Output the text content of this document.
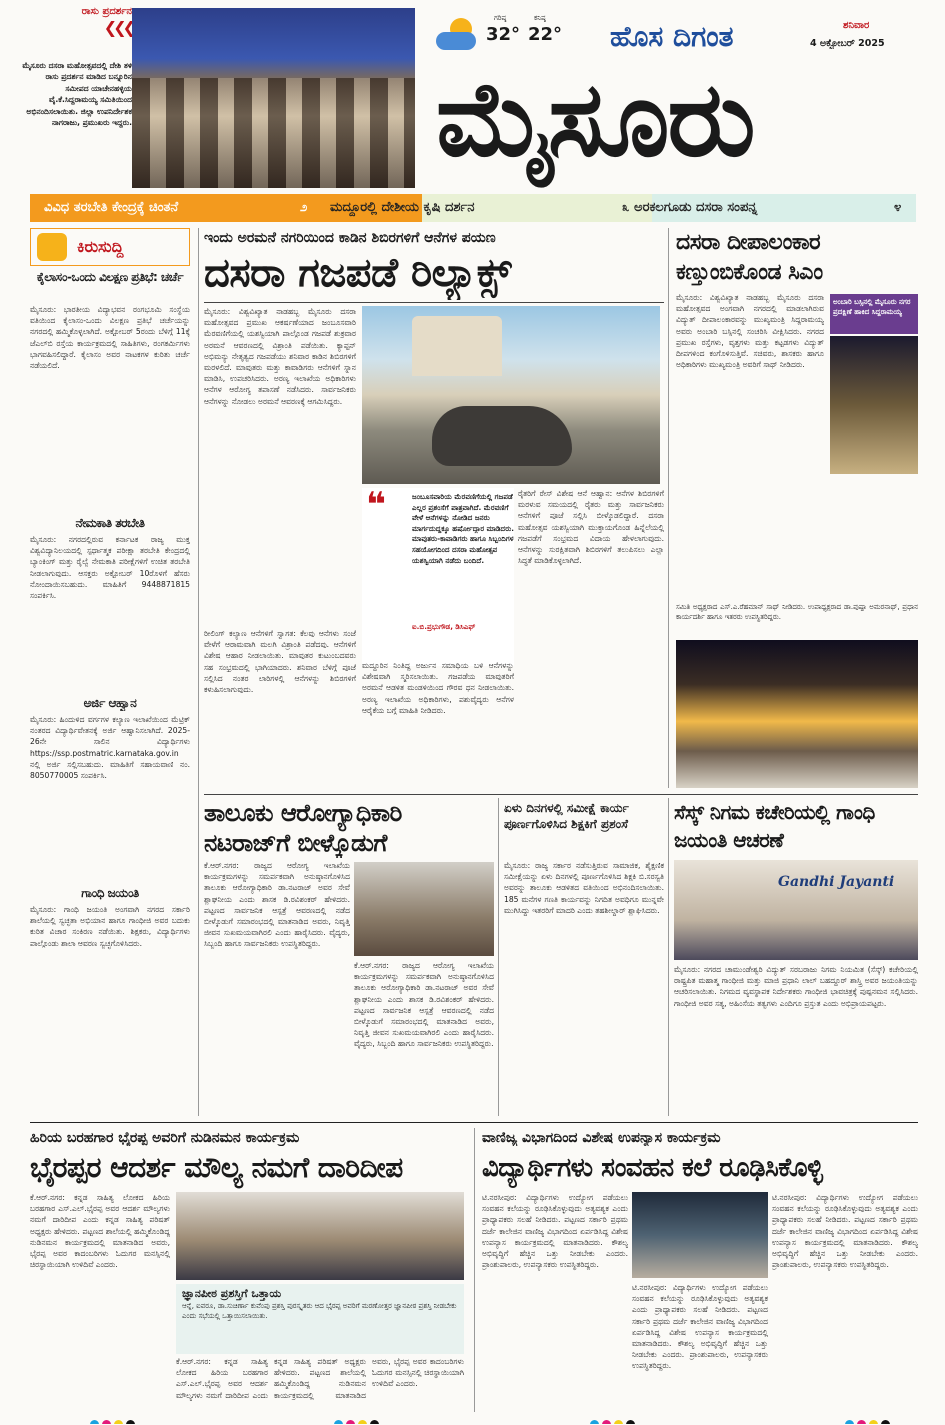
ರಾಸು ಪ್ರದರ್ಶನ
❮❮❮
ಮೈಸೂರು ದಸರಾ ಮಹೋತ್ಸವದಲ್ಲಿ ದೇಶಿ ತಳಿ ರಾಸು ಪ್ರದರ್ಶನ ಮಾಡಿದ ಬನ್ನೂರಿನ ಸಮೀಪದ ಯಾಚೇನಹಳ್ಳಿಯ ವೈ.ಕೆ.ಸಿದ್ದರಾಮಯ್ಯ ಸಮಿತಿಯಿಂದ ಅಭಿನಂದಿಸಲಾಯಿತು. ಜಿಲ್ಲಾ ಉಪನಿರ್ದೇಶಕ ನಾಗರಾಜು, ಪ್ರಮುಖರು ಇದ್ದರು.
ಗರಿಷ್ಠ
32°
ಕನಿಷ್ಠ
22° ಹೊಸ ದಿಗಂತ	ಶನಿವಾರ
4 ಅಕ್ಟೋಬರ್ 2025
ಮೈಸೂರು
ವಿವಿಧ ತರಬೇತಿ ಕೇಂದ್ರಕ್ಕೆ ಚಿಂತನೆ	೨ ಮದ್ದೂರಲ್ಲಿ ದೇಶೀಯ ಕೃಷಿ ದರ್ಶನ	೩ ಅರಕಲಗೂಡು ದಸರಾ ಸಂಪನ್ನ	೪
ಕಿರುಸುದ್ದಿ
ಕೈಲಾಸಂ-ಒಂದು ವಿಲಕ್ಷಣ ಪ್ರತಿಭೆ: ಚರ್ಚೆ
ಮೈಸೂರು: ಭಾರತೀಯ ವಿದ್ಯಾಭವನ ರಂಗಭೂಮಿ ಸಂಸ್ಥೆಯ ವತಿಯಿಂದ ಕೈಲಾಸಂ-ಒಂದು ವಿಲಕ್ಷಣ ಪ್ರತಿಭೆ ಚರ್ಚೆಯನ್ನು ನಗರದಲ್ಲಿ ಹಮ್ಮಿಕೊಳ್ಳಲಾಗಿದೆ. ಅಕ್ಟೋಬರ್ 5ರಂದು ಬೆಳಿಗ್ಗೆ 11ಕ್ಕೆ ಜೆಎಲ್‌ಬಿ ರಸ್ತೆಯ ಕಾರ್ಯಕ್ರಮದಲ್ಲಿ ಸಾಹಿತಿಗಳು, ರಂಗಕರ್ಮಿಗಳು ಭಾಗವಹಿಸಲಿದ್ದಾರೆ. ಕೈಲಾಸಂ ಅವರ ನಾಟಕಗಳ ಕುರಿತು ಚರ್ಚೆ ನಡೆಯಲಿದೆ.
ನೇಮಕಾತಿ ತರಬೇತಿ
ಮೈಸೂರು: ನಗರದಲ್ಲಿರುವ ಕರ್ನಾಟಕ ರಾಜ್ಯ ಮುಕ್ತ ವಿಶ್ವವಿದ್ಯಾನಿಲಯದಲ್ಲಿ ಸ್ಪರ್ಧಾತ್ಮಕ ಪರೀಕ್ಷಾ ತರಬೇತಿ ಕೇಂದ್ರದಲ್ಲಿ ಬ್ಯಾಂಕಿಂಗ್ ಮತ್ತು ರೈಲ್ವೆ ನೇಮಕಾತಿ ಪರೀಕ್ಷೆಗಳಿಗೆ ಉಚಿತ ತರಬೇತಿ ನೀಡಲಾಗುವುದು. ಆಸಕ್ತರು ಅಕ್ಟೋಬರ್ 10ರೊಳಗೆ ಹೆಸರು ನೋಂದಾಯಿಸಬಹುದು. ಮಾಹಿತಿಗೆ 9448871815 ಸಂಪರ್ಕಿಸಿ.
ಅರ್ಜಿ ಆಹ್ವಾನ
ಮೈಸೂರು: ಹಿಂದುಳಿದ ವರ್ಗಗಳ ಕಲ್ಯಾಣ ಇಲಾಖೆಯಿಂದ ಮೆಟ್ರಿಕ್ ನಂತರದ ವಿದ್ಯಾರ್ಥಿವೇತನಕ್ಕೆ ಅರ್ಜಿ ಆಹ್ವಾನಿಸಲಾಗಿದೆ. 2025-26ನೇ ಸಾಲಿನ ವಿದ್ಯಾರ್ಥಿಗಳು https://ssp.postmatric.karnataka.gov.in ನಲ್ಲಿ ಅರ್ಜಿ ಸಲ್ಲಿಸಬಹುದು. ಮಾಹಿತಿಗೆ ಸಹಾಯವಾಣಿ ನಂ. 8050770005 ಸಂಪರ್ಕಿಸಿ.
ಗಾಂಧಿ ಜಯಂತಿ
ಮೈಸೂರು: ಗಾಂಧಿ ಜಯಂತಿ ಅಂಗವಾಗಿ ನಗರದ ಸರ್ಕಾರಿ ಶಾಲೆಯಲ್ಲಿ ಸ್ವಚ್ಛತಾ ಅಭಿಯಾನ ಹಾಗೂ ಗಾಂಧೀಜಿ ಅವರ ಬದುಕು ಕುರಿತ ವಿಚಾರ ಸಂಕಿರಣ ನಡೆಯಿತು. ಶಿಕ್ಷಕರು, ವಿದ್ಯಾರ್ಥಿಗಳು ಪಾಲ್ಗೊಂಡು ಶಾಲಾ ಆವರಣ ಸ್ವಚ್ಛಗೊಳಿಸಿದರು.
ಇಂದು ಅರಮನೆ ನಗರಿಯಿಂದ ಕಾಡಿನ ಶಿಬಿರಗಳಿಗೆ ಆನೆಗಳ ಪಯಣ
ದಸರಾ ಗಜಪಡೆ ರಿಲ್ಯಾಕ್ಸ್
ಮೈಸೂರು: ವಿಶ್ವವಿಖ್ಯಾತ ನಾಡಹಬ್ಬ ಮೈಸೂರು ದಸರಾ ಮಹೋತ್ಸವದ ಪ್ರಮುಖ ಆಕರ್ಷಣೆಯಾದ ಜಂಬೂಸವಾರಿ ಮೆರವಣಿಗೆಯಲ್ಲಿ ಯಶಸ್ವಿಯಾಗಿ ಪಾಲ್ಗೊಂಡ ಗಜಪಡೆ ಶುಕ್ರವಾರ ಅರಮನೆ ಆವರಣದಲ್ಲಿ ವಿಶ್ರಾಂತಿ ಪಡೆಯಿತು. ಕ್ಯಾಪ್ಟನ್ ಅಭಿಮನ್ಯು ನೇತೃತ್ವದ ಗಜಪಡೆಯು ಶನಿವಾರ ಕಾಡಿನ ಶಿಬಿರಗಳಿಗೆ ಮರಳಲಿದೆ. ಮಾವುತರು ಮತ್ತು ಕಾವಾಡಿಗರು ಆನೆಗಳಿಗೆ ಸ್ನಾನ ಮಾಡಿಸಿ, ಉಪಚರಿಸಿದರು. ಅರಣ್ಯ ಇಲಾಖೆಯ ಅಧಿಕಾರಿಗಳು ಆನೆಗಳ ಆರೋಗ್ಯ ತಪಾಸಣೆ ನಡೆಸಿದರು. ಸಾರ್ವಜನಿಕರು ಆನೆಗಳನ್ನು ನೋಡಲು ಅರಮನೆ ಆವರಣಕ್ಕೆ ಆಗಮಿಸಿದ್ದರು.
ರೀಲಿಂಗ್ ಕಲ್ಯಾಣ ಆನೆಗಳಿಗೆ ಸ್ವಾಗತ: ಕೆಲವು ಆನೆಗಳು ಸಂಜೆ ವೇಳೆಗೆ ಆರಾಮವಾಗಿ ಮಲಗಿ ವಿಶ್ರಾಂತಿ ಪಡೆದವು. ಆನೆಗಳಿಗೆ ವಿಶೇಷ ಆಹಾರ ನೀಡಲಾಯಿತು. ಮಾವುತರ ಕುಟುಂಬದವರು ಸಹ ಸಂಭ್ರಮದಲ್ಲಿ ಭಾಗಿಯಾದರು. ಶನಿವಾರ ಬೆಳಿಗ್ಗೆ ಪೂಜೆ ಸಲ್ಲಿಸಿದ ನಂತರ ಲಾರಿಗಳಲ್ಲಿ ಆನೆಗಳನ್ನು ಶಿಬಿರಗಳಿಗೆ ಕಳುಹಿಸಲಾಗುವುದು.
❝	ಜಂಬೂಸವಾರಿಯ ಮೆರವಣಿಗೆಯಲ್ಲಿ ಗಜಪಡೆ ಎಲ್ಲರ ಪ್ರಶಂಸೆಗೆ ಪಾತ್ರವಾಗಿದೆ. ಮೆರವಣಿಗೆ ವೇಳೆ ಆನೆಗಳನ್ನು ನೋಡಿದ ಜನರು ಮಾರ್ಗದುದ್ದಕ್ಕೂ ಹರ್ಷೋದ್ಗಾರ ಮಾಡಿದರು. ಮಾವುತರು-ಕಾವಾಡಿಗರು ಹಾಗೂ ಸಿಬ್ಬಂದಿಗಳ ಸಹಯೋಗದಿಂದ ದಸರಾ ಮಹೋತ್ಸವ ಯಶಸ್ವಿಯಾಗಿ ನಡೆದು ಬಂದಿದೆ.
ಐ.ಬಿ.ಪ್ರಭುಗೌಡ, ಡಿಸಿಎಫ್
ಮದ್ದೂರಿನ ನಿಂತಿದ್ದ ಅರ್ಜುನ ಸಮಾಧಿಯ ಬಳಿ ಆನೆಗಳನ್ನು ವಿಶೇಷವಾಗಿ ಸ್ಮರಿಸಲಾಯಿತು. ಗಜಪಡೆಯ ಮಾವುತರಿಗೆ ಅರಮನೆ ಆಡಳಿತ ಮಂಡಳಿಯಿಂದ ಗೌರವ ಧನ ನೀಡಲಾಯಿತು. ಅರಣ್ಯ ಇಲಾಖೆಯ ಅಧಿಕಾರಿಗಳು, ಪಶುವೈದ್ಯರು ಆನೆಗಳ ಆರೈಕೆಯ ಬಗ್ಗೆ ಮಾಹಿತಿ ನೀಡಿದರು.
ರೈತರಿಗೆ ರೇಸ್ ವಿಶೇಷ ಆನೆ ಆಹ್ವಾನ: ಆನೆಗಳ ಶಿಬಿರಗಳಿಗೆ ಮರಳುವ ಸಮಯದಲ್ಲಿ ರೈತರು ಮತ್ತು ಸಾರ್ವಜನಿಕರು ಆನೆಗಳಿಗೆ ಪೂಜೆ ಸಲ್ಲಿಸಿ ಬೀಳ್ಕೊಡಲಿದ್ದಾರೆ. ದಸರಾ ಮಹೋತ್ಸವ ಯಶಸ್ವಿಯಾಗಿ ಮುಕ್ತಾಯಗೊಂಡ ಹಿನ್ನೆಲೆಯಲ್ಲಿ ಗಜಪಡೆಗೆ ಸಂಭ್ರಮದ ವಿದಾಯ ಹೇಳಲಾಗುವುದು. ಆನೆಗಳನ್ನು ಸುರಕ್ಷಿತವಾಗಿ ಶಿಬಿರಗಳಿಗೆ ತಲುಪಿಸಲು ಎಲ್ಲಾ ಸಿದ್ಧತೆ ಮಾಡಿಕೊಳ್ಳಲಾಗಿದೆ.
ದಸರಾ ದೀಪಾಲಂಕಾರ ಕಣ್ತುಂಬಿಕೊಂಡ ಸಿಎಂ
ಮೈಸೂರು: ವಿಶ್ವವಿಖ್ಯಾತ ನಾಡಹಬ್ಬ ಮೈಸೂರು ದಸರಾ ಮಹೋತ್ಸವದ ಅಂಗವಾಗಿ ನಗರದಲ್ಲಿ ಮಾಡಲಾಗಿರುವ ವಿದ್ಯುತ್ ದೀಪಾಲಂಕಾರವನ್ನು ಮುಖ್ಯಮಂತ್ರಿ ಸಿದ್ದರಾಮಯ್ಯ ಅವರು ಅಂಬಾರಿ ಬಸ್ಸಿನಲ್ಲಿ ಸಂಚರಿಸಿ ವೀಕ್ಷಿಸಿದರು. ನಗರದ ಪ್ರಮುಖ ರಸ್ತೆಗಳು, ವೃತ್ತಗಳು ಮತ್ತು ಕಟ್ಟಡಗಳು ವಿದ್ಯುತ್ ದೀಪಗಳಿಂದ ಕಂಗೊಳಿಸುತ್ತಿವೆ. ಸಚಿವರು, ಶಾಸಕರು ಹಾಗೂ ಅಧಿಕಾರಿಗಳು ಮುಖ್ಯಮಂತ್ರಿ ಅವರಿಗೆ ಸಾಥ್ ನೀಡಿದರು.
ಅಂಬಾರಿ ಬಸ್ಸಿನಲ್ಲಿ ಮೈಸೂರು ನಗರ ಪ್ರದಕ್ಷಿಣೆ ಹಾಕಿದ ಸಿದ್ದರಾಮಯ್ಯ
ಸಮಿತಿ ಅಧ್ಯಕ್ಷರಾದ ಎಸ್.ಎ.ರೆಹಮಾನ್ ಸಾಥ್ ನೀಡಿದರು. ಉಪಾಧ್ಯಕ್ಷರಾದ ಡಾ.ಪುಷ್ಪಾ ಅಮರನಾಥ್, ಪ್ರಧಾನ ಕಾರ್ಯದರ್ಶಿ ಹಾಗೂ ಇತರರು ಉಪಸ್ಥಿತರಿದ್ದರು.
ತಾಲೂಕು ಆರೋಗ್ಯಾಧಿಕಾರಿ ನಟರಾಜ್‌ಗೆ ಬೀಳ್ಕೊಡುಗೆ
ಕೆ.ಆರ್.ನಗರ: ರಾಜ್ಯದ ಆರೋಗ್ಯ ಇಲಾಖೆಯ ಕಾರ್ಯಕ್ರಮಗಳನ್ನು ಸಮರ್ಪಕವಾಗಿ ಅನುಷ್ಠಾನಗೊಳಿಸಿದ ತಾಲೂಕು ಆರೋಗ್ಯಾಧಿಕಾರಿ ಡಾ.ನಟರಾಜ್ ಅವರ ಸೇವೆ ಶ್ಲಾಘನೀಯ ಎಂದು ಶಾಸಕ ಡಿ.ರವಿಶಂಕರ್ ಹೇಳಿದರು. ಪಟ್ಟಣದ ಸಾರ್ವಜನಿಕ ಆಸ್ಪತ್ರೆ ಆವರಣದಲ್ಲಿ ನಡೆದ ಬೀಳ್ಕೊಡುಗೆ ಸಮಾರಂಭದಲ್ಲಿ ಮಾತನಾಡಿದ ಅವರು, ನಿವೃತ್ತಿ ಜೀವನ ಸುಖಮಯವಾಗಿರಲಿ ಎಂದು ಹಾರೈಸಿದರು. ವೈದ್ಯರು, ಸಿಬ್ಬಂದಿ ಹಾಗೂ ಸಾರ್ವಜನಿಕರು ಉಪಸ್ಥಿತರಿದ್ದರು.
ಕೆ.ಆರ್.ನಗರ: ರಾಜ್ಯದ ಆರೋಗ್ಯ ಇಲಾಖೆಯ ಕಾರ್ಯಕ್ರಮಗಳನ್ನು ಸಮರ್ಪಕವಾಗಿ ಅನುಷ್ಠಾನಗೊಳಿಸಿದ ತಾಲೂಕು ಆರೋಗ್ಯಾಧಿಕಾರಿ ಡಾ.ನಟರಾಜ್ ಅವರ ಸೇವೆ ಶ್ಲಾಘನೀಯ ಎಂದು ಶಾಸಕ ಡಿ.ರವಿಶಂಕರ್ ಹೇಳಿದರು. ಪಟ್ಟಣದ ಸಾರ್ವಜನಿಕ ಆಸ್ಪತ್ರೆ ಆವರಣದಲ್ಲಿ ನಡೆದ ಬೀಳ್ಕೊಡುಗೆ ಸಮಾರಂಭದಲ್ಲಿ ಮಾತನಾಡಿದ ಅವರು, ನಿವೃತ್ತಿ ಜೀವನ ಸುಖಮಯವಾಗಿರಲಿ ಎಂದು ಹಾರೈಸಿದರು. ವೈದ್ಯರು, ಸಿಬ್ಬಂದಿ ಹಾಗೂ ಸಾರ್ವಜನಿಕರು ಉಪಸ್ಥಿತರಿದ್ದರು.
ಏಳು ದಿನಗಳಲ್ಲಿ ಸಮೀಕ್ಷೆ ಕಾರ್ಯ ಪೂರ್ಣಗೊಳಿಸಿದ ಶಿಕ್ಷಕಿಗೆ ಪ್ರಶಂಸೆ
ಮೈಸೂರು: ರಾಜ್ಯ ಸರ್ಕಾರ ನಡೆಸುತ್ತಿರುವ ಸಾಮಾಜಿಕ, ಶೈಕ್ಷಣಿಕ ಸಮೀಕ್ಷೆಯನ್ನು ಏಳು ದಿನಗಳಲ್ಲಿ ಪೂರ್ಣಗೊಳಿಸಿದ ಶಿಕ್ಷಕಿ ಬಿ.ಸರಸ್ವತಿ ಅವರನ್ನು ತಾಲೂಕು ಆಡಳಿತದ ವತಿಯಿಂದ ಅಭಿನಂದಿಸಲಾಯಿತು. 185 ಮನೆಗಳ ಗಣತಿ ಕಾರ್ಯವನ್ನು ನಿಗದಿತ ಅವಧಿಗೂ ಮುನ್ನವೇ ಮುಗಿಸಿದ್ದು ಇತರರಿಗೆ ಮಾದರಿ ಎಂದು ತಹಶೀಲ್ದಾರ್ ಶ್ಲಾಘಿಸಿದರು.
ಸೆಸ್ಕ್ ನಿಗಮ ಕಚೇರಿಯಲ್ಲಿ ಗಾಂಧಿ ಜಯಂತಿ ಆಚರಣೆ
Gandhi Jayanti
ಮೈಸೂರು: ನಗರದ ಚಾಮುಂಡೇಶ್ವರಿ ವಿದ್ಯುತ್ ಸರಬರಾಜು ನಿಗಮ ನಿಯಮಿತ (ಸೆಸ್ಕ್) ಕಚೇರಿಯಲ್ಲಿ ರಾಷ್ಟ್ರಪಿತ ಮಹಾತ್ಮ ಗಾಂಧೀಜಿ ಮತ್ತು ಮಾಜಿ ಪ್ರಧಾನಿ ಲಾಲ್ ಬಹದ್ದೂರ್ ಶಾಸ್ತ್ರಿ ಅವರ ಜಯಂತಿಯನ್ನು ಆಚರಿಸಲಾಯಿತು. ನಿಗಮದ ವ್ಯವಸ್ಥಾಪಕ ನಿರ್ದೇಶಕರು ಗಾಂಧೀಜಿ ಭಾವಚಿತ್ರಕ್ಕೆ ಪುಷ್ಪನಮನ ಸಲ್ಲಿಸಿದರು. ಗಾಂಧೀಜಿ ಅವರ ಸತ್ಯ, ಅಹಿಂಸೆಯ ತತ್ವಗಳು ಎಂದಿಗೂ ಪ್ರಸ್ತುತ ಎಂದು ಅಭಿಪ್ರಾಯಪಟ್ಟರು.
ಹಿರಿಯ ಬರಹಗಾರ ಭೈರಪ್ಪ ಅವರಿಗೆ ನುಡಿನಮನ ಕಾರ್ಯಕ್ರಮ
ಭೈರಪ್ಪರ ಆದರ್ಶ ಮೌಲ್ಯ ನಮಗೆ ದಾರಿದೀಪ
ಕೆ.ಆರ್.ನಗರ: ಕನ್ನಡ ಸಾಹಿತ್ಯ ಲೋಕದ ಹಿರಿಯ ಬರಹಗಾರ ಎಸ್.ಎಲ್.ಭೈರಪ್ಪ ಅವರ ಆದರ್ಶ ಮೌಲ್ಯಗಳು ನಮಗೆ ದಾರಿದೀಪ ಎಂದು ಕನ್ನಡ ಸಾಹಿತ್ಯ ಪರಿಷತ್ ಅಧ್ಯಕ್ಷರು ಹೇಳಿದರು. ಪಟ್ಟಣದ ಶಾಲೆಯಲ್ಲಿ ಹಮ್ಮಿಕೊಂಡಿದ್ದ ನುಡಿನಮನ ಕಾರ್ಯಕ್ರಮದಲ್ಲಿ ಮಾತನಾಡಿದ ಅವರು, ಭೈರಪ್ಪ ಅವರ ಕಾದಂಬರಿಗಳು ಓದುಗರ ಮನಸ್ಸಿನಲ್ಲಿ ಚಿರಸ್ಥಾಯಿಯಾಗಿ ಉಳಿದಿವೆ ಎಂದರು.
ಜ್ಞಾನಪೀಠ ಪ್ರಶಸ್ತಿಗೆ ಒತ್ತಾಯ
ಆನ್ನೆ, ಐವರೂ, ಡಾ.ಸುಚಿರ್ಣಾ ಕುವೆಂಪು ಪ್ರಶಸ್ತಿ ಪುರಸ್ಕೃತರು ಆದ ಭೈರಪ್ಪ ಅವರಿಗೆ ಮರಣೋತ್ತರ ಜ್ಞಾನಪೀಠ ಪ್ರಶಸ್ತಿ ನೀಡಬೇಕು ಎಂದು ಸಭೆಯಲ್ಲಿ ಒತ್ತಾಯಿಸಲಾಯಿತು.
ಕೆ.ಆರ್.ನಗರ: ಕನ್ನಡ ಸಾಹಿತ್ಯ ಲೋಕದ ಹಿರಿಯ ಬರಹಗಾರ ಎಸ್.ಎಲ್.ಭೈರಪ್ಪ ಅವರ ಆದರ್ಶ ಮೌಲ್ಯಗಳು ನಮಗೆ ದಾರಿದೀಪ ಎಂದು ಕನ್ನಡ ಸಾಹಿತ್ಯ ಪರಿಷತ್ ಅಧ್ಯಕ್ಷರು ಹೇಳಿದರು. ಪಟ್ಟಣದ ಶಾಲೆಯಲ್ಲಿ ಹಮ್ಮಿಕೊಂಡಿದ್ದ ನುಡಿನಮನ ಕಾರ್ಯಕ್ರಮದಲ್ಲಿ ಮಾತನಾಡಿದ ಅವರು, ಭೈರಪ್ಪ ಅವರ ಕಾದಂಬರಿಗಳು ಓದುಗರ ಮನಸ್ಸಿನಲ್ಲಿ ಚಿರಸ್ಥಾಯಿಯಾಗಿ ಉಳಿದಿವೆ ಎಂದರು.
ವಾಣಿಜ್ಯ ವಿಭಾಗದಿಂದ ವಿಶೇಷ ಉಪನ್ಯಾಸ ಕಾರ್ಯಕ್ರಮ
ವಿದ್ಯಾರ್ಥಿಗಳು ಸಂವಹನ ಕಲೆ ರೂಢಿಸಿಕೊಳ್ಳಿ
ಟಿ.ನರಸೀಪುರ: ವಿದ್ಯಾರ್ಥಿಗಳು ಉದ್ಯೋಗ ಪಡೆಯಲು ಸಂವಹನ ಕಲೆಯನ್ನು ರೂಢಿಸಿಕೊಳ್ಳುವುದು ಅತ್ಯವಶ್ಯಕ ಎಂದು ಪ್ರಾಧ್ಯಾಪಕರು ಸಲಹೆ ನೀಡಿದರು. ಪಟ್ಟಣದ ಸರ್ಕಾರಿ ಪ್ರಥಮ ದರ್ಜೆ ಕಾಲೇಜಿನ ವಾಣಿಜ್ಯ ವಿಭಾಗದಿಂದ ಏರ್ಪಡಿಸಿದ್ದ ವಿಶೇಷ ಉಪನ್ಯಾಸ ಕಾರ್ಯಕ್ರಮದಲ್ಲಿ ಮಾತನಾಡಿದರು. ಕೌಶಲ್ಯ ಅಭಿವೃದ್ಧಿಗೆ ಹೆಚ್ಚಿನ ಒತ್ತು ನೀಡಬೇಕು ಎಂದರು. ಪ್ರಾಂಶುಪಾಲರು, ಉಪನ್ಯಾಸಕರು ಉಪಸ್ಥಿತರಿದ್ದರು.
ಟಿ.ನರಸೀಪುರ: ವಿದ್ಯಾರ್ಥಿಗಳು ಉದ್ಯೋಗ ಪಡೆಯಲು ಸಂವಹನ ಕಲೆಯನ್ನು ರೂಢಿಸಿಕೊಳ್ಳುವುದು ಅತ್ಯವಶ್ಯಕ ಎಂದು ಪ್ರಾಧ್ಯಾಪಕರು ಸಲಹೆ ನೀಡಿದರು. ಪಟ್ಟಣದ ಸರ್ಕಾರಿ ಪ್ರಥಮ ದರ್ಜೆ ಕಾಲೇಜಿನ ವಾಣಿಜ್ಯ ವಿಭಾಗದಿಂದ ಏರ್ಪಡಿಸಿದ್ದ ವಿಶೇಷ ಉಪನ್ಯಾಸ ಕಾರ್ಯಕ್ರಮದಲ್ಲಿ ಮಾತನಾಡಿದರು. ಕೌಶಲ್ಯ ಅಭಿವೃದ್ಧಿಗೆ ಹೆಚ್ಚಿನ ಒತ್ತು ನೀಡಬೇಕು ಎಂದರು. ಪ್ರಾಂಶುಪಾಲರು, ಉಪನ್ಯಾಸಕರು ಉಪಸ್ಥಿತರಿದ್ದರು.
ಟಿ.ನರಸೀಪುರ: ವಿದ್ಯಾರ್ಥಿಗಳು ಉದ್ಯೋಗ ಪಡೆಯಲು ಸಂವಹನ ಕಲೆಯನ್ನು ರೂಢಿಸಿಕೊಳ್ಳುವುದು ಅತ್ಯವಶ್ಯಕ ಎಂದು ಪ್ರಾಧ್ಯಾಪಕರು ಸಲಹೆ ನೀಡಿದರು. ಪಟ್ಟಣದ ಸರ್ಕಾರಿ ಪ್ರಥಮ ದರ್ಜೆ ಕಾಲೇಜಿನ ವಾಣಿಜ್ಯ ವಿಭಾಗದಿಂದ ಏರ್ಪಡಿಸಿದ್ದ ವಿಶೇಷ ಉಪನ್ಯಾಸ ಕಾರ್ಯಕ್ರಮದಲ್ಲಿ ಮಾತನಾಡಿದರು. ಕೌಶಲ್ಯ ಅಭಿವೃದ್ಧಿಗೆ ಹೆಚ್ಚಿನ ಒತ್ತು ನೀಡಬೇಕು ಎಂದರು. ಪ್ರಾಂಶುಪಾಲರು, ಉಪನ್ಯಾಸಕರು ಉಪಸ್ಥಿತರಿದ್ದರು.
